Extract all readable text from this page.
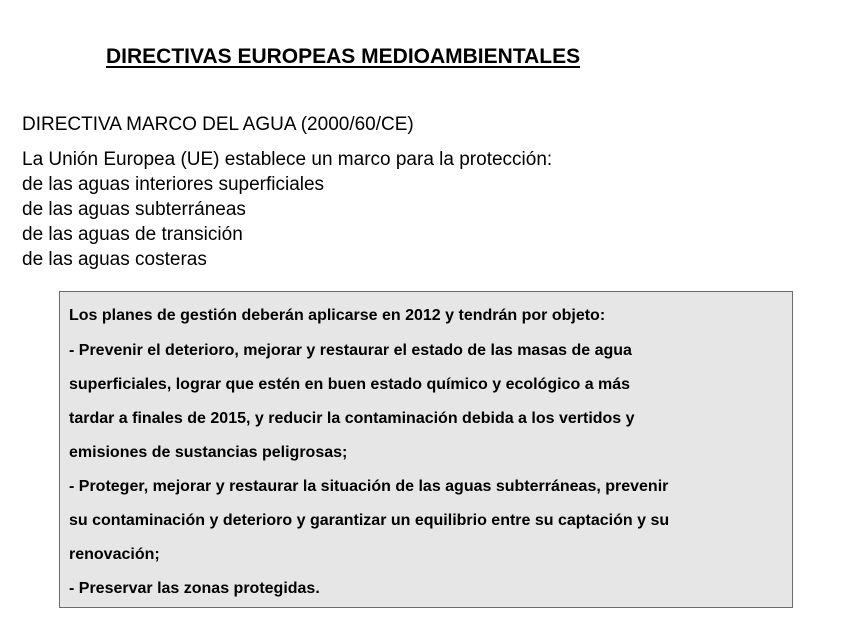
DIRECTIVAS EUROPEAS MEDIOAMBIENTALES

DIRECTIVA MARCO DEL AGUA (2000/60/CE)

La Unión Europea (UE) establece un marco para la protección:
de las aguas interiores superficiales
de las aguas subterráneas
de las aguas de transición
de las aguas costeras
Los planes de gestión deberán aplicarse en 2012 y tendrán por objeto:
- Prevenir el deterioro, mejorar y restaurar el estado de las masas de agua
superficiales, lograr que estén en buen estado químico y ecológico a más
tardar a finales de 2015, y reducir la contaminación debida a los vertidos y
emisiones de sustancias peligrosas;
- Proteger, mejorar y restaurar la situación de las aguas subterráneas, prevenir
su contaminación y deterioro y garantizar un equilibrio entre su captación y su
renovación;
- Preservar las zonas protegidas.
